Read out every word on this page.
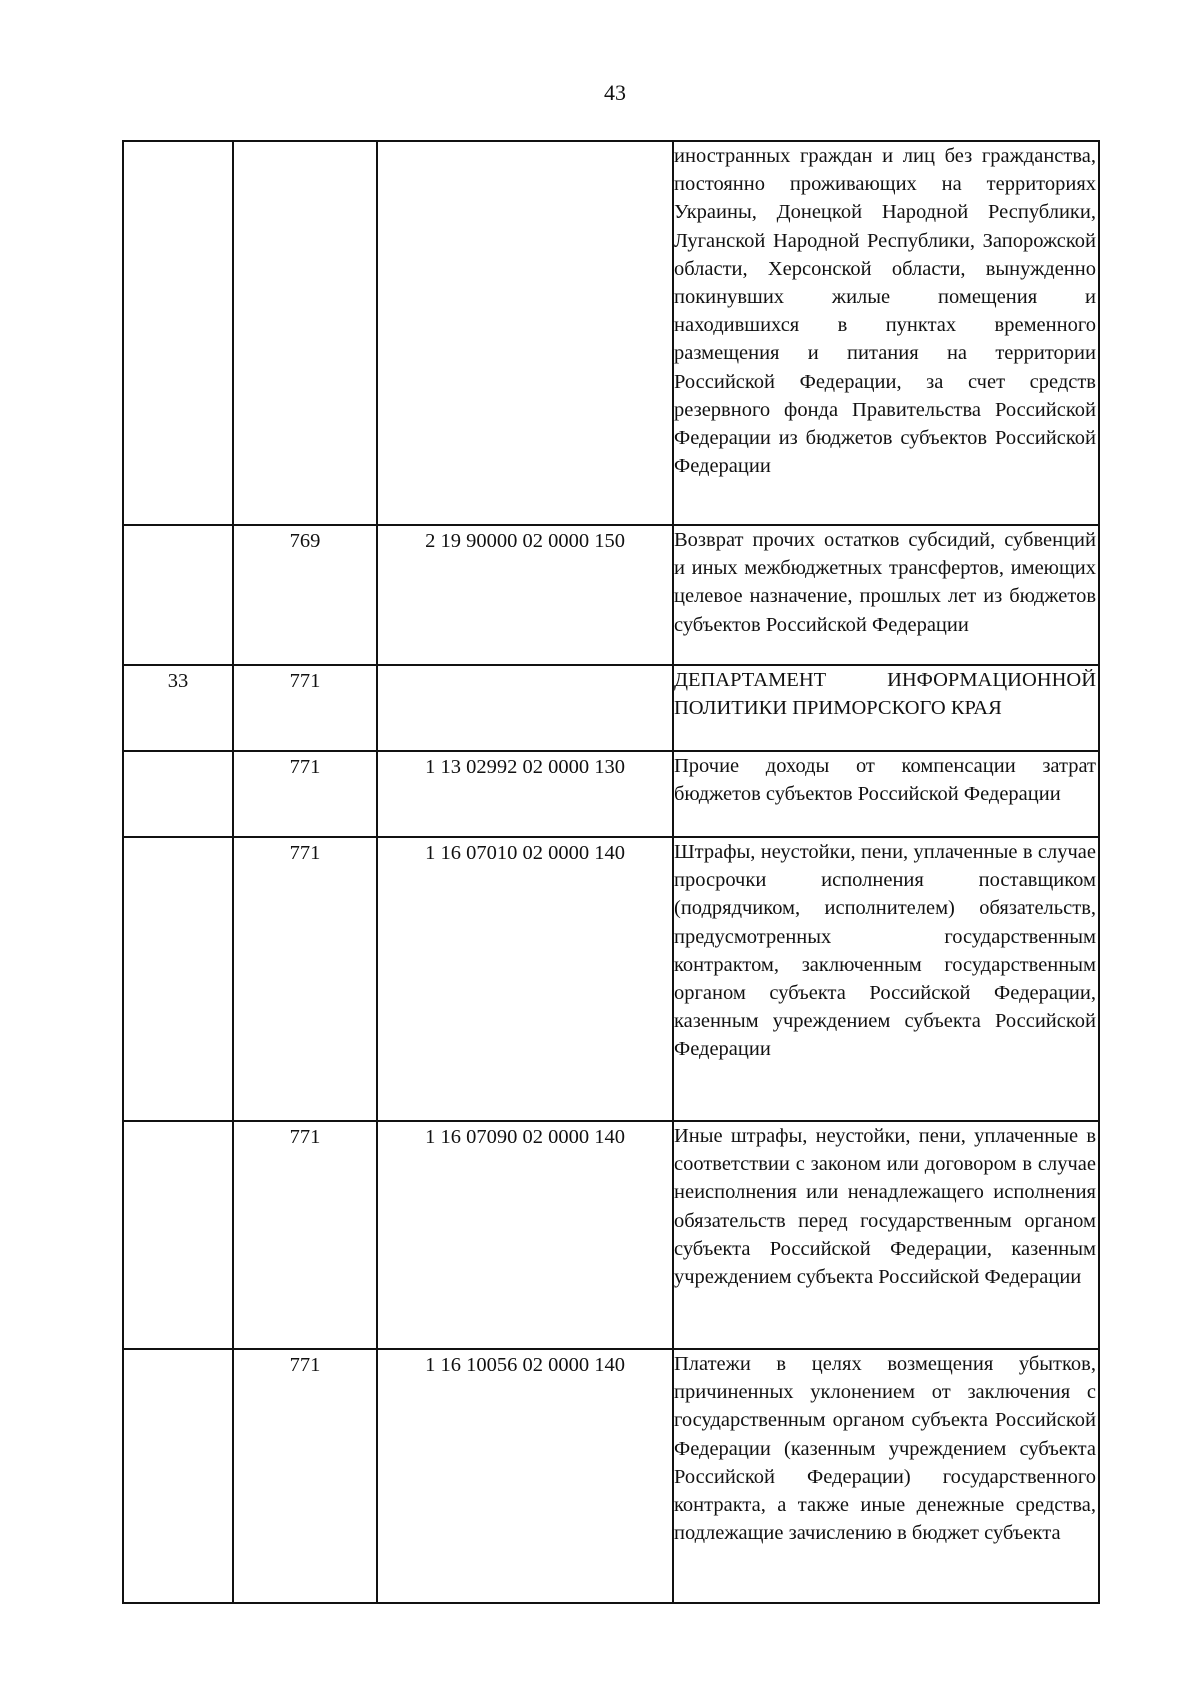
43
			иностранных граждан и лиц без гражданства, постоянно проживающих на территориях Украины, Донецкой Народной Республики, Луганской Народной Республики, Запорожской области, Херсонской области, вынужденно покинувших жилые помещения и находившихся в пунктах временного размещения и питания на территории Российской Федерации, за счет средств резервного фонда Правительства Российской Федерации из бюджетов субъектов Российской Федерации
	769	2 19 90000 02 0000 150	Возврат прочих остатков субсидий, субвенций и иных межбюджетных трансфертов, имеющих целевое назначение, прошлых лет из бюджетов субъектов Российской Федерации
33	771		ДЕПАРТАМЕНТ ИНФОРМАЦИОННОЙ ПОЛИТИКИ ПРИМОРСКОГО КРАЯ
	771	1 13 02992 02 0000 130	Прочие доходы от компенсации затрат бюджетов субъектов Российской Федерации
	771	1 16 07010 02 0000 140	Штрафы, неустойки, пени, уплаченные в случае просрочки исполнения поставщиком (подрядчиком, исполнителем) обязательств, предусмотренных государственным контрактом, заключенным государственным органом субъекта Российской Федерации, казенным учреждением субъекта Российской Федерации
	771	1 16 07090 02 0000 140	Иные штрафы, неустойки, пени, уплаченные в соответствии с законом или договором в случае неисполнения или ненадлежащего исполнения обязательств перед государственным органом субъекта Российской Федерации, казенным учреждением субъекта Российской Федерации
	771	1 16 10056 02 0000 140	Платежи в целях возмещения убытков, причиненных уклонением от заключения с государственным органом субъекта Российской Федерации (казенным учреждением субъекта Российской Федерации) государственного контракта, а также иные денежные средства, подлежащие зачислению в бюджет субъекта
